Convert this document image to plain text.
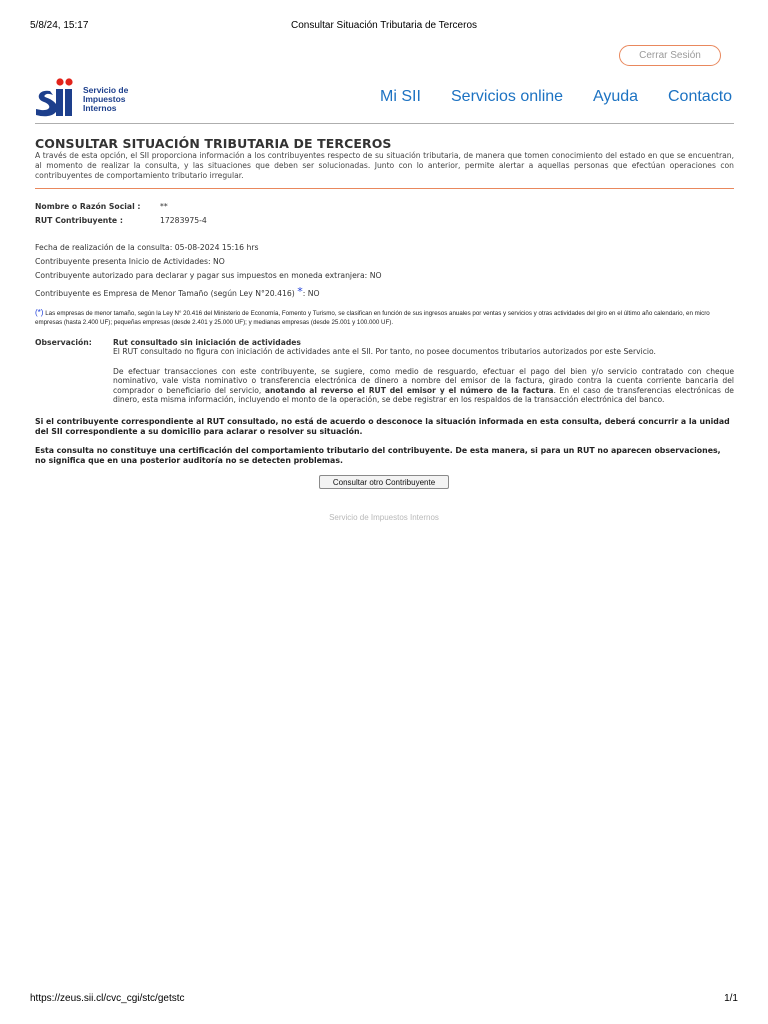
5/8/24, 15:17	Consultar Situación Tributaria de Terceros
Cerrar Sesión
Servicio de
Impuestos
Internos
Mi SII Servicios online Ayuda Contacto
CONSULTAR SITUACIÓN TRIBUTARIA DE TERCEROS
A través de esta opción, el SII proporciona información a los contribuyentes respecto de su situación tributaria, de manera que tomen conocimiento del estado en que se encuentran, al momento de realizar la consulta, y las situaciones que deben ser solucionadas. Junto con lo anterior, permite alertar a aquellas personas que efectúan operaciones con contribuyentes de comportamiento tributario irregular.
Nombre o Razón Social :	**
RUT Contribuyente :	17283975-4
Fecha de realización de la consulta: 05-08-2024 15:16 hrs
Contribuyente presenta Inicio de Actividades: NO
Contribuyente autorizado para declarar y pagar sus impuestos en moneda extranjera: NO
Contribuyente es Empresa de Menor Tamaño (según Ley N°20.416) *: NO
(*) Las empresas de menor tamaño, según la Ley N° 20.416 del Ministerio de Economía, Fomento y Turismo, se clasifican en función de sus ingresos anuales por ventas y servicios y otras actividades del giro en el último año calendario, en micro empresas (hasta 2.400 UF); pequeñas empresas (desde 2.401 y 25.000 UF); y medianas empresas (desde 25.001 y 100.000 UF).
Observación:	Rut consultado sin iniciación de actividades
El RUT consultado no figura con iniciación de actividades ante el SII. Por tanto, no posee documentos tributarios autorizados por este Servicio.
De efectuar transacciones con este contribuyente, se sugiere, como medio de resguardo, efectuar el pago del bien y/o servicio contratado con cheque nominativo, vale vista nominativo o transferencia electrónica de dinero a nombre del emisor de la factura, girado contra la cuenta corriente bancaria del comprador o beneficiario del servicio, anotando al reverso el RUT del emisor y el número de la factura. En el caso de transferencias electrónicas de dinero, esta misma información, incluyendo el monto de la operación, se debe registrar en los respaldos de la transacción electrónica del banco.
Si el contribuyente correspondiente al RUT consultado, no está de acuerdo o desconoce la situación informada en esta consulta, deberá concurrir a la unidad del SII correspondiente a su domicilio para aclarar o resolver su situación.
Esta consulta no constituye una certificación del comportamiento tributario del contribuyente. De esta manera, si para un RUT no aparecen observaciones, no significa que en una posterior auditoría no se detecten problemas.
Consultar otro Contribuyente
Servicio de Impuestos Internos
https://zeus.sii.cl/cvc_cgi/stc/getstc	1/1
